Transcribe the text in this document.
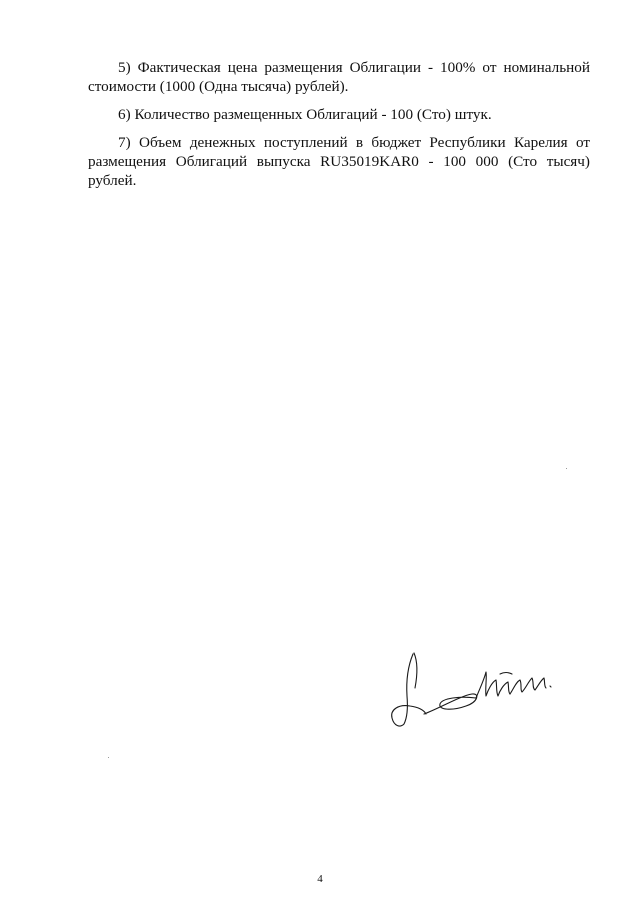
5) Фактическая цена размещения Облигации - 100% от номинальной стоимости (1000 (Одна тысяча) рублей).

6) Количество размещенных Облигаций - 100 (Сто) штук.

7) Объем денежных поступлений в бюджет Республики Карелия от размещения Облигаций выпуска RU35019KAR0 - 100 000 (Сто тысяч) рублей.

4
